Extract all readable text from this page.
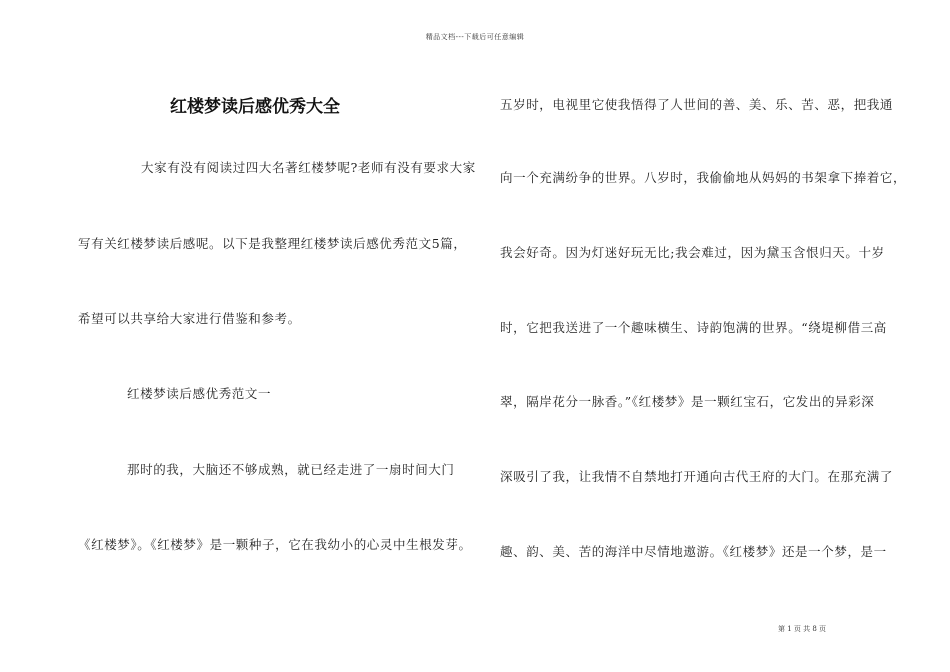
精品文档---下载后可任意编辑
红楼梦读后感优秀大全
大家有没有阅读过四大名著红楼梦呢?老师有没有要求大家
写有关红楼梦读后感呢。以下是我整理红楼梦读后感优秀范文5篇，
希望可以共享给大家进行借鉴和参考。
红楼梦读后感优秀范文一
那时的我，大脑还不够成熟，就已经走进了一扇时间大门
《红楼梦》。《红楼梦》是一颗种子，它在我幼小的心灵中生根发芽。
五岁时，电视里它使我悟得了人世间的善、美、乐、苦、恶，把我通
向一个充满纷争的世界。八岁时，我偷偷地从妈妈的书架拿下捧着它，
我会好奇。因为灯迷好玩无比;我会难过，因为黛玉含恨归天。十岁
时，它把我送进了一个趣味横生、诗韵饱满的世界。“绕堤柳借三高
翠，隔岸花分一脉香。”《红楼梦》是一颗红宝石，它发出的异彩深
深吸引了我，让我情不自禁地打开通向古代王府的大门。在那充满了
趣、韵、美、苦的海洋中尽情地遨游。《红楼梦》还是一个梦，是一
第 1 页 共 8 页
